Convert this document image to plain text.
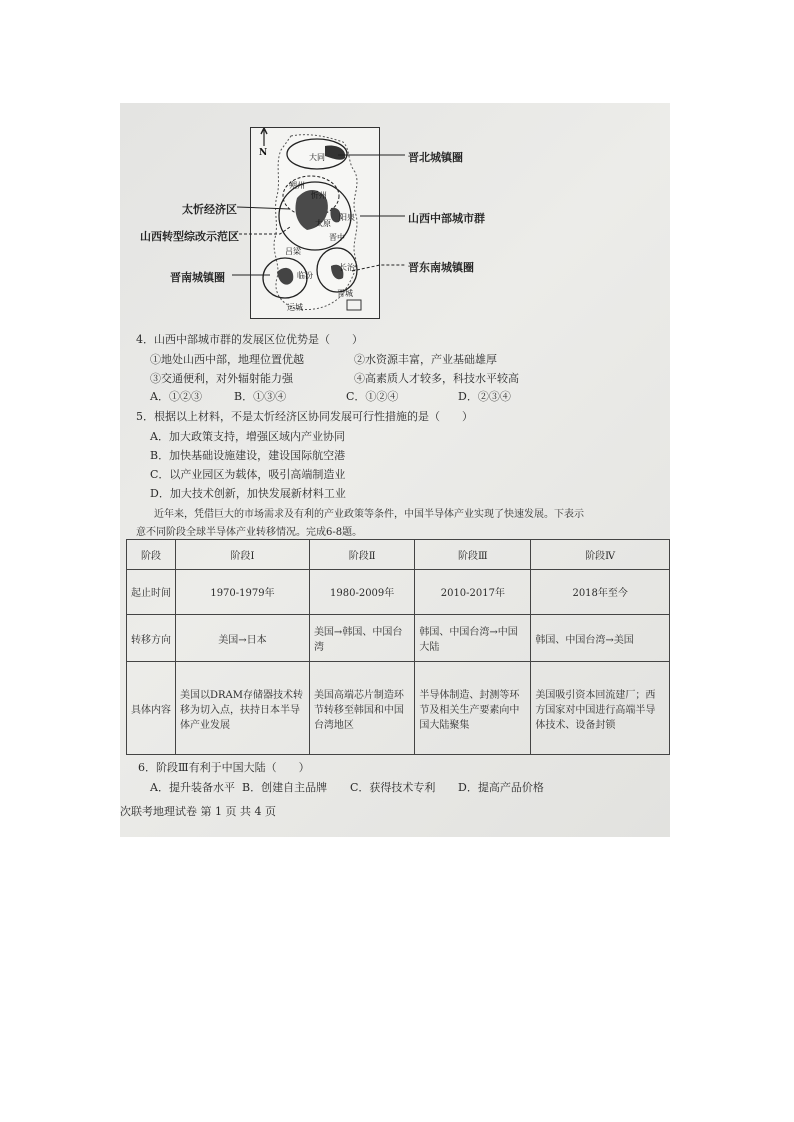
N	大同
朔州
忻州
阳泉
太原
晋中
吕梁
临汾
长治
晋城
运城
太忻经济区
山西转型综改示范区
晋南城镇圈
晋北城镇圈
山西中部城市群
晋东南城镇圈
4．山西中部城市群的发展区位优势是（　　）
①地处山西中部，地理位置优越	②水资源丰富，产业基础雄厚
③交通便利，对外辐射能力强	④高素质人才较多，科技水平较高
A．①②③	B．①③④	C．①②④	D．②③④
5．根据以上材料，不是太忻经济区协同发展可行性措施的是（　　）
A．加大政策支持，增强区域内产业协同
B．加快基础设施建设，建设国际航空港
C．以产业园区为载体，吸引高端制造业
D．加大技术创新，加快发展新材料工业
近年来，凭借巨大的市场需求及有利的产业政策等条件，中国半导体产业实现了快速发展。下表示
意不同阶段全球半导体产业转移情况。完成6-8题。
阶段	阶段Ⅰ	阶段Ⅱ	阶段Ⅲ	阶段Ⅳ
起止时间	1970-1979年	1980-2009年	2010-2017年	2018年至今
转移方向	美国→日本	美国→韩国、中国台湾	韩国、中国台湾→中国大陆	韩国、中国台湾→美国
具体内容	美国以DRAM存储器技术转移为切入点，扶持日本半导体产业发展	美国高端芯片制造环节转移至韩国和中国台湾地区	半导体制造、封测等环节及相关生产要素向中国大陆聚集	美国吸引资本回流建厂；西方国家对中国进行高端半导体技术、设备封锁
6．阶段Ⅲ有利于中国大陆（　　）
A．提升装备水平 B．创建自主品牌 C．获得技术专利 D．提高产品价格
次联考地理试卷 第 1 页 共 4 页
